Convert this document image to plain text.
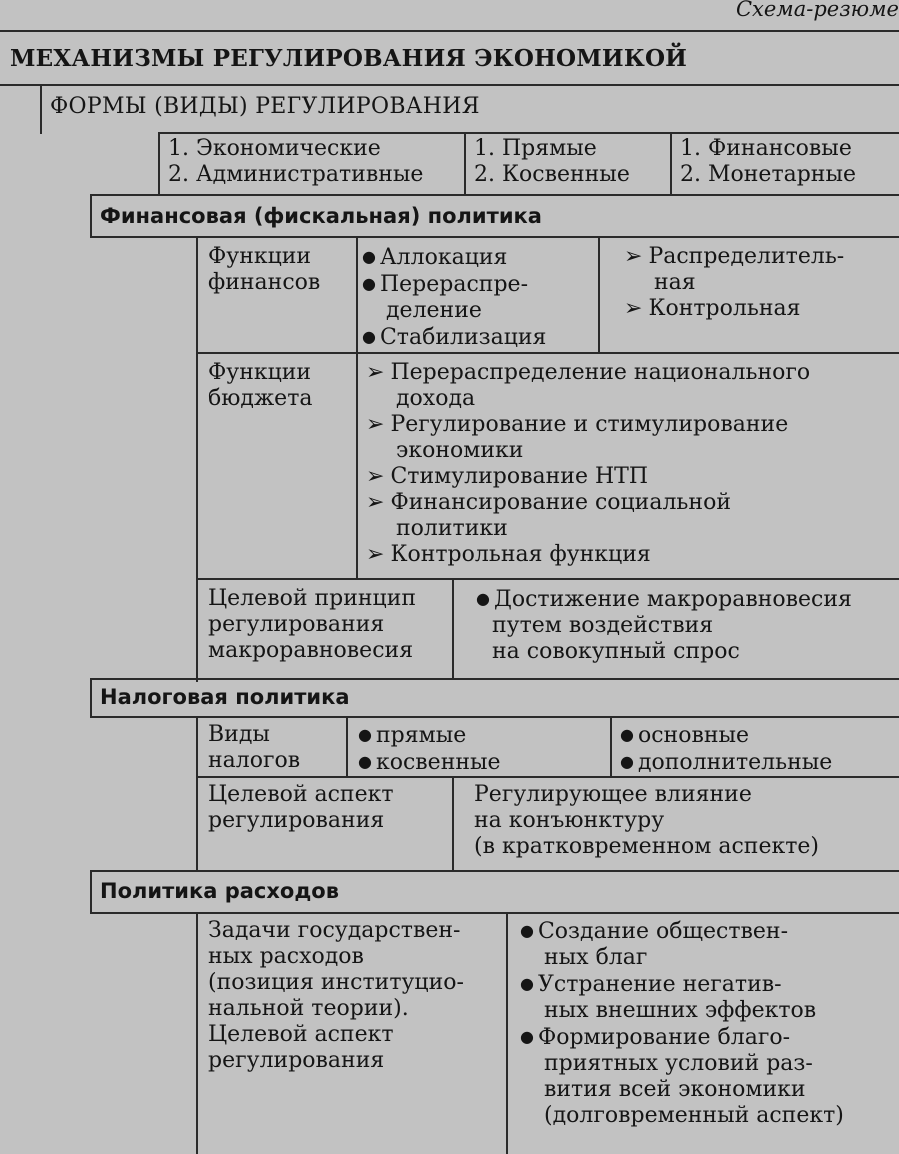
Схема-резюме
МЕХАНИЗМЫ РЕГУЛИРОВАНИЯ ЭКОНОМИКОЙ
ФОРМЫ (ВИДЫ) РЕГУЛИРОВАНИЯ
1. Экономические
2. Административные
1. Прямые
2. Косвенные
1. Финансовые
2. Монетарные
Финансовая (фискальная) политика
Функции
финансов
● Аллокация
● Перераспре-
деление
● Стабилизация
➢ Распределитель-
ная
➢ Контрольная
Функции
бюджета
➢ Перераспределение национального
дохода
➢ Регулирование и стимулирование
экономики
➢ Стимулирование НТП
➢ Финансирование социальной
политики
➢ Контрольная функция
Целевой принцип
регулирования
макроравновесия
● Достижение макроравновесия
путем воздействия
на совокупный спрос
Налоговая политика
Виды
налогов
● прямые
● косвенные
● основные
● дополнительные
Целевой аспект
регулирования
Регулирующее влияние
на конъюнктуру
(в кратковременном аспекте)
Политика расходов
Задачи государствен-
ных расходов
(позиция институцио-
нальной теории).
Целевой аспект
регулирования
● Создание обществен-
ных благ
● Устранение негатив-
ных внешних эффектов
● Формирование благо-
приятных условий раз-
вития всей экономики
(долговременный аспект)
